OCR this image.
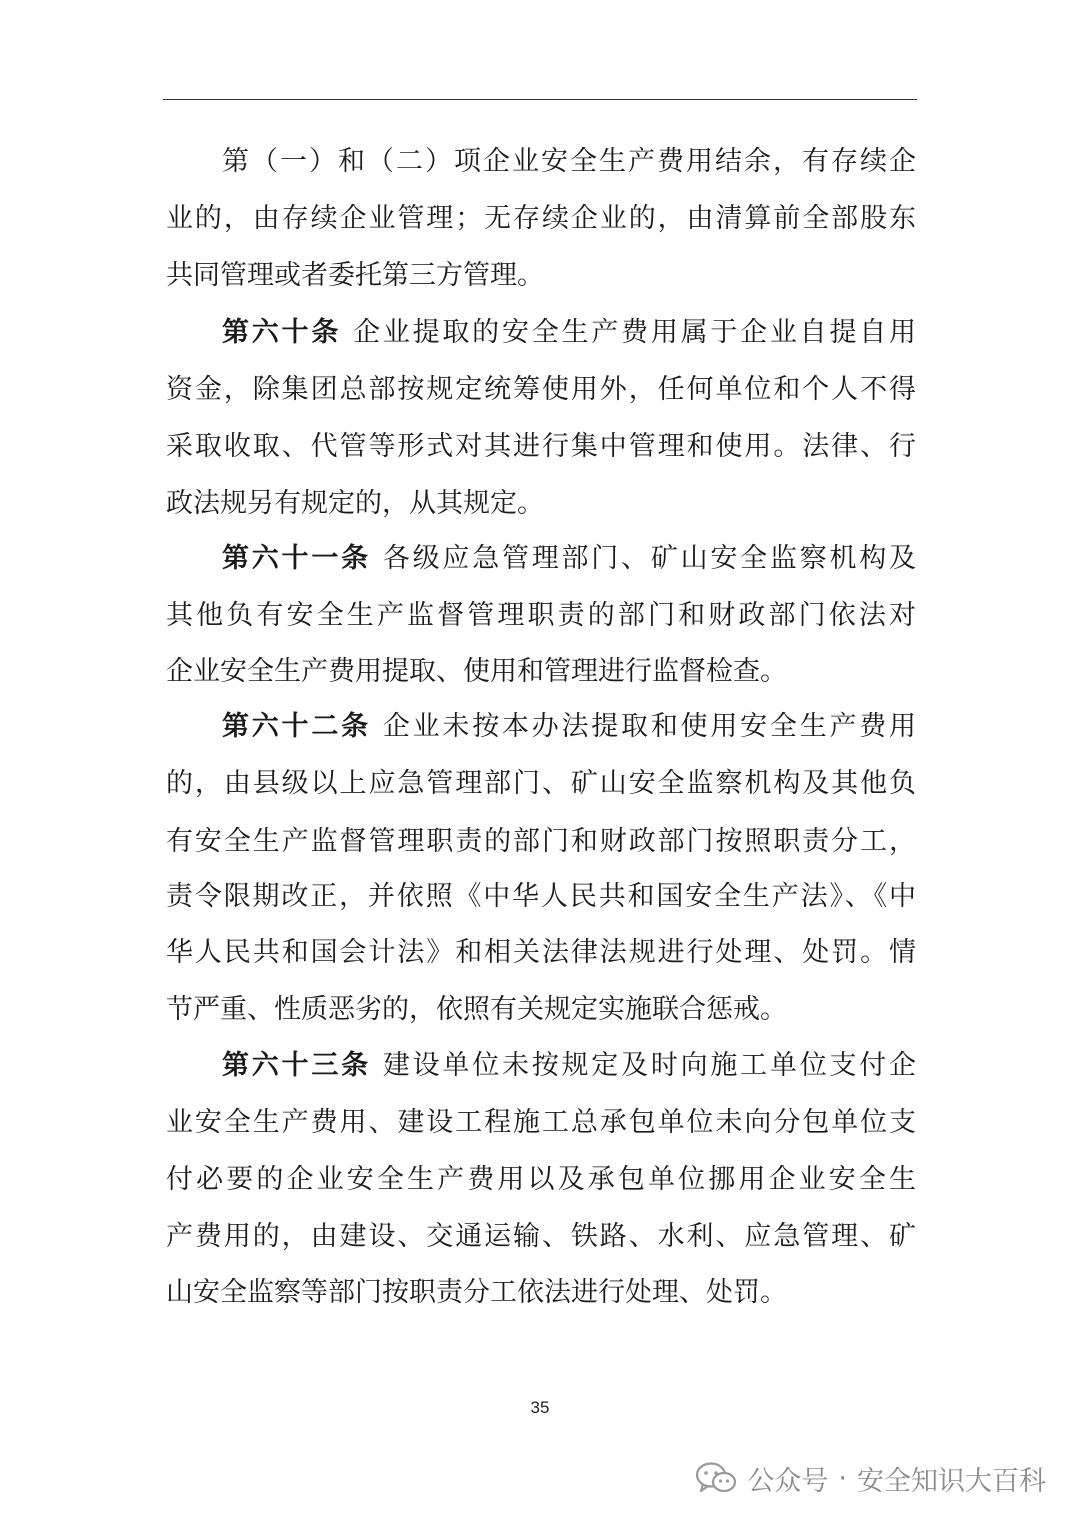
第（一）和（二）项企业安全生产费用结余，有存续企
业的，由存续企业管理；无存续企业的，由清算前全部股东
共同管理或者委托第三方管理。
第六十条 企业提取的安全生产费用属于企业自提自用
资金，除集团总部按规定统筹使用外，任何单位和个人不得
采取收取、代管等形式对其进行集中管理和使用。法律、行
政法规另有规定的，从其规定。
第六十一条 各级应急管理部门、矿山安全监察机构及
其他负有安全生产监督管理职责的部门和财政部门依法对
企业安全生产费用提取、使用和管理进行监督检查。
第六十二条 企业未按本办法提取和使用安全生产费用
的，由县级以上应急管理部门、矿山安全监察机构及其他负
有安全生产监督管理职责的部门和财政部门按照职责分工，
责令限期改正，并依照《中华人民共和国安全生产法》、《中
华人民共和国会计法》和相关法律法规进行处理、处罚。情
节严重、性质恶劣的，依照有关规定实施联合惩戒。
第六十三条 建设单位未按规定及时向施工单位支付企
业安全生产费用、建设工程施工总承包单位未向分包单位支
付必要的企业安全生产费用以及承包单位挪用企业安全生
产费用的，由建设、交通运输、铁路、水利、应急管理、矿
山安全监察等部门按职责分工依法进行处理、处罚。
35
公众号 · 安全知识大百科
